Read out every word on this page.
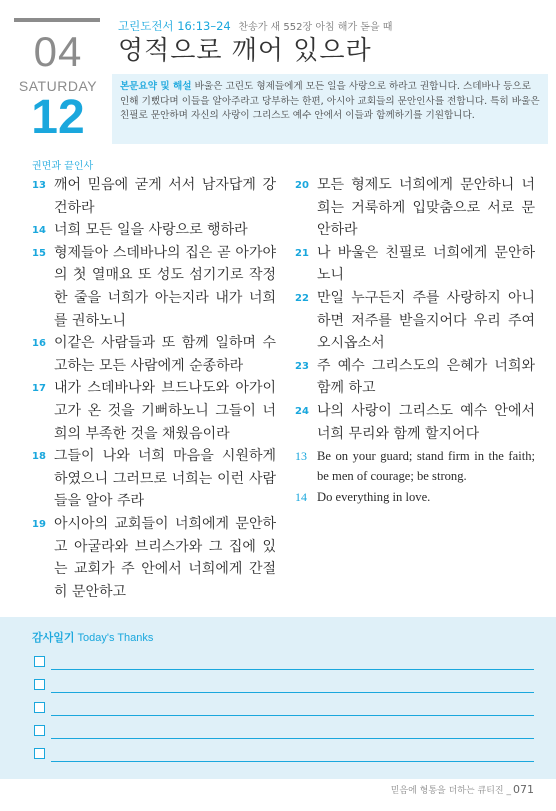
04
SATURDAY
12
고린도전서 16:13–24 찬송가 새 552장 아침 해가 돋을 때
영적으로 깨어 있으라
본문요약 및 해설 바울은 고린도 형제들에게 모든 일을 사랑으로 하라고 권합니다. 스데바나 등으로 인해 기뻤다며 이들을 알아주라고 당부하는 한편, 아시아 교회들의 문안인사를 전합니다. 특히 바울은 친필로 문안하며 자신의 사랑이 그리스도 예수 안에서 이들과 함께하기를 기원합니다.
권면과 끝인사
13 깨어 믿음에 굳게 서서 남자답게 강건하라
14 너희 모든 일을 사랑으로 행하라
15 형제들아 스데바나의 집은 곧 아가야의 첫 열매요 또 성도 섬기기로 작정한 줄을 너희가 아는지라 내가 너희를 권하노니
16 이같은 사람들과 또 함께 일하며 수고하는 모든 사람에게 순종하라
17 내가 스데바나와 브드나도와 아가이고가 온 것을 기뻐하노니 그들이 너희의 부족한 것을 채웠음이라
18 그들이 나와 너희 마음을 시원하게 하였으니 그러므로 너희는 이런 사람들을 알아 주라
19 아시아의 교회들이 너희에게 문안하고 아굴라와 브리스가와 그 집에 있는 교회가 주 안에서 너희에게 간절히 문안하고
20 모든 형제도 너희에게 문안하니 너희는 거룩하게 입맞춤으로 서로 문안하라
21 나 바울은 친필로 너희에게 문안하노니
22 만일 누구든지 주를 사랑하지 아니하면 저주를 받을지어다 우리 주여 오시옵소서
23 주 예수 그리스도의 은혜가 너희와 함께 하고
24 나의 사랑이 그리스도 예수 안에서 너희 무리와 함께 할지어다
13 Be on your guard; stand firm in the faith; be men of courage; be strong.
14 Do everything in love.
감사일기 Today's Thanks
믿음에 형통을 더하는 큐티진 _ 071
